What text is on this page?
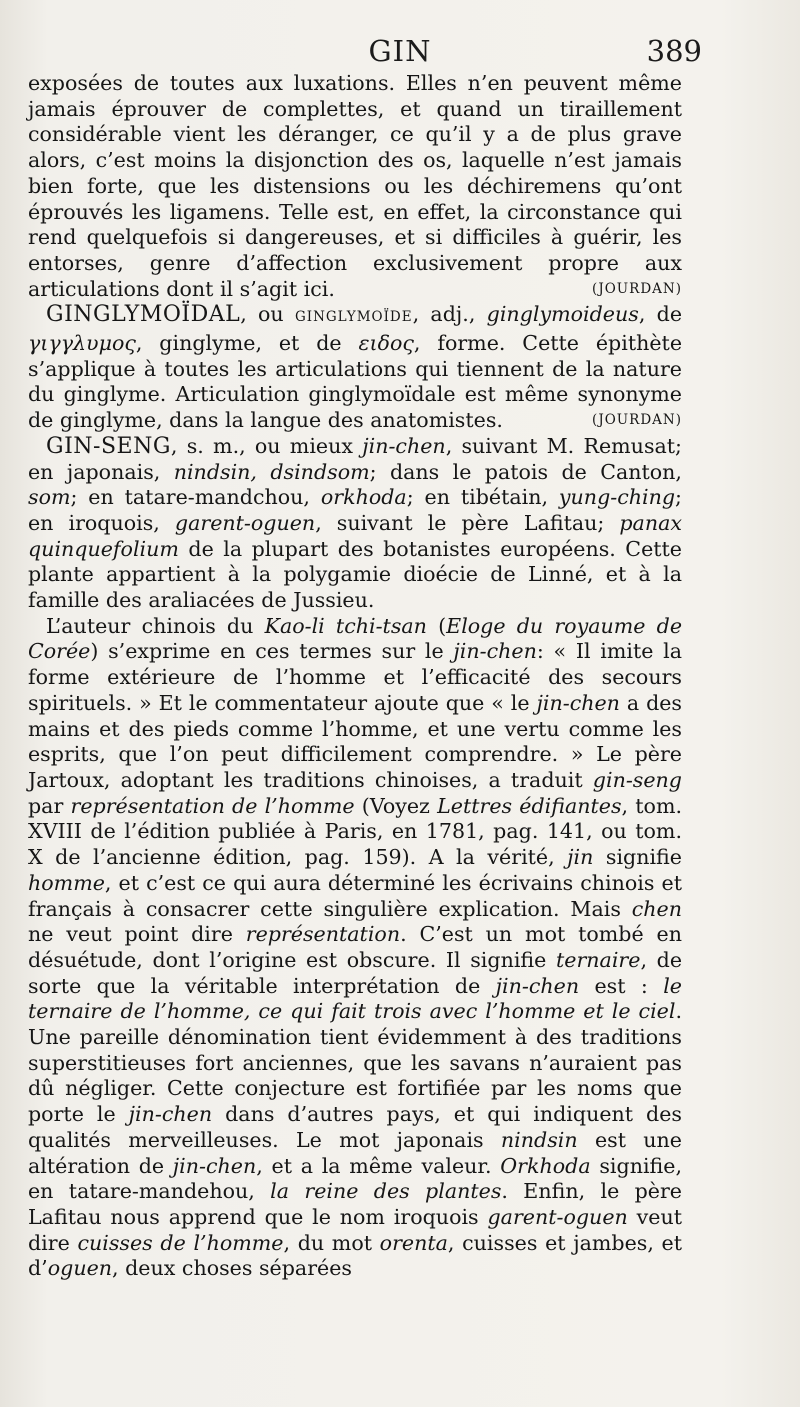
GIN	389

exposées de toutes aux luxations. Elles n’en peuvent même jamais éprouver de complettes, et quand un tiraillement considérable vient les déranger, ce qu’il y a de plus grave alors, c’est moins la disjonction des os, laquelle n’est jamais bien forte, que les distensions ou les déchiremens qu’ont éprouvés les ligamens. Telle est, en effet, la circonstance qui rend quelquefois si dangereuses, et si difficiles à guérir, les entorses, genre d’affection exclusivement propre aux articulations dont il s’agit ici.	(JOURDAN)

GINGLYMOÏDAL, ou GINGLYMOÏDE, adj., ginglymoideus, de γιγγλυμος, ginglyme, et de ειδος, forme. Cette épithète s’applique à toutes les articulations qui tiennent de la nature du ginglyme. Articulation ginglymoïdale est même synonyme de ginglyme, dans la langue des anatomistes.	(JOURDAN)

GIN-SENG, s. m., ou mieux jin-chen, suivant M. Remusat; en japonais, nindsin, dsindsom; dans le patois de Canton, som; en tatare-mandchou, orkhoda; en tibétain, yung-ching; en iroquois, garent-oguen, suivant le père Lafitau; panax quinquefolium de la plupart des botanistes européens. Cette plante appartient à la polygamie dioécie de Linné, et à la famille des araliacées de Jussieu.

L’auteur chinois du Kao-li tchi-tsan (Eloge du royaume de Corée) s’exprime en ces termes sur le jin-chen: « Il imite la forme extérieure de l’homme et l’efficacité des secours spirituels. » Et le commentateur ajoute que « le jin-chen a des mains et des pieds comme l’homme, et une vertu comme les esprits, que l’on peut difficilement comprendre. » Le père Jartoux, adoptant les traditions chinoises, a traduit gin-seng par représentation de l’homme (Voyez Lettres édifiantes, tom. XVIII de l’édition publiée à Paris, en 1781, pag. 141, ou tom. X de l’ancienne édition, pag. 159). A la vérité, jin signifie homme, et c’est ce qui aura déterminé les écrivains chinois et français à consacrer cette singulière explication. Mais chen ne veut point dire représentation. C’est un mot tombé en désuétude, dont l’origine est obscure. Il signifie ternaire, de sorte que la véritable interprétation de jin-chen est : le ternaire de l’homme, ce qui fait trois avec l’homme et le ciel. Une pareille dénomination tient évidemment à des traditions superstitieuses fort anciennes, que les savans n’auraient pas dû négliger. Cette conjecture est fortifiée par les noms que porte le jin-chen dans d’autres pays, et qui indiquent des qualités merveilleuses. Le mot japonais nindsin est une altération de jin-chen, et a la même valeur. Orkhoda signifie, en tatare-mandehou, la reine des plantes. Enfin, le père Lafitau nous apprend que le nom iroquois garent-oguen veut dire cuisses de l’homme, du mot orenta, cuisses et jambes, et d’oguen, deux choses séparées
